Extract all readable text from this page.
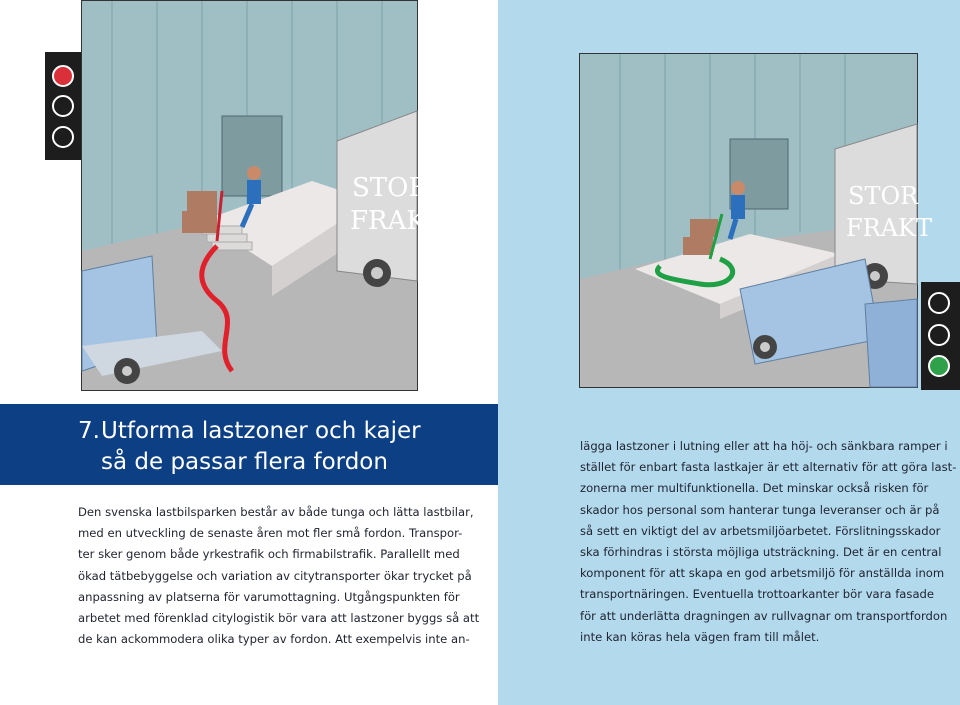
STOR
FRAK
STOR
FRAKT
7. Utforma lastzoner och kajer
så de passar flera fordon

Den svenska lastbilsparken består av både tunga och lätta lastbilar,

med en utveckling de senaste åren mot fler små fordon. Transpor-

ter sker genom både yrkestrafik och firmabilstrafik. Parallellt med

ökad tätbebyggelse och variation av citytransporter ökar trycket på

anpassning av platserna för varumottagning. Utgångspunkten för

arbetet med förenklad citylogistik bör vara att lastzoner byggs så att

de kan ackommodera olika typer av fordon. Att exempelvis inte an-

lägga lastzoner i lutning eller att ha höj- och sänkbara ramper i

stället för enbart fasta lastkajer är ett alternativ för att göra last-

zonerna mer multifunktionella. Det minskar också risken för

skador hos personal som hanterar tunga leveranser och är på

så sett en viktigt del av arbetsmiljöarbetet. Förslitningsskador

ska förhindras i största möjliga utsträckning. Det är en central

komponent för att skapa en god arbetsmiljö för anställda inom

transportnäringen. Eventuella trottoarkanter bör vara fasade

för att underlätta dragningen av rullvagnar om transportfordon

inte kan köras hela vägen fram till målet.
